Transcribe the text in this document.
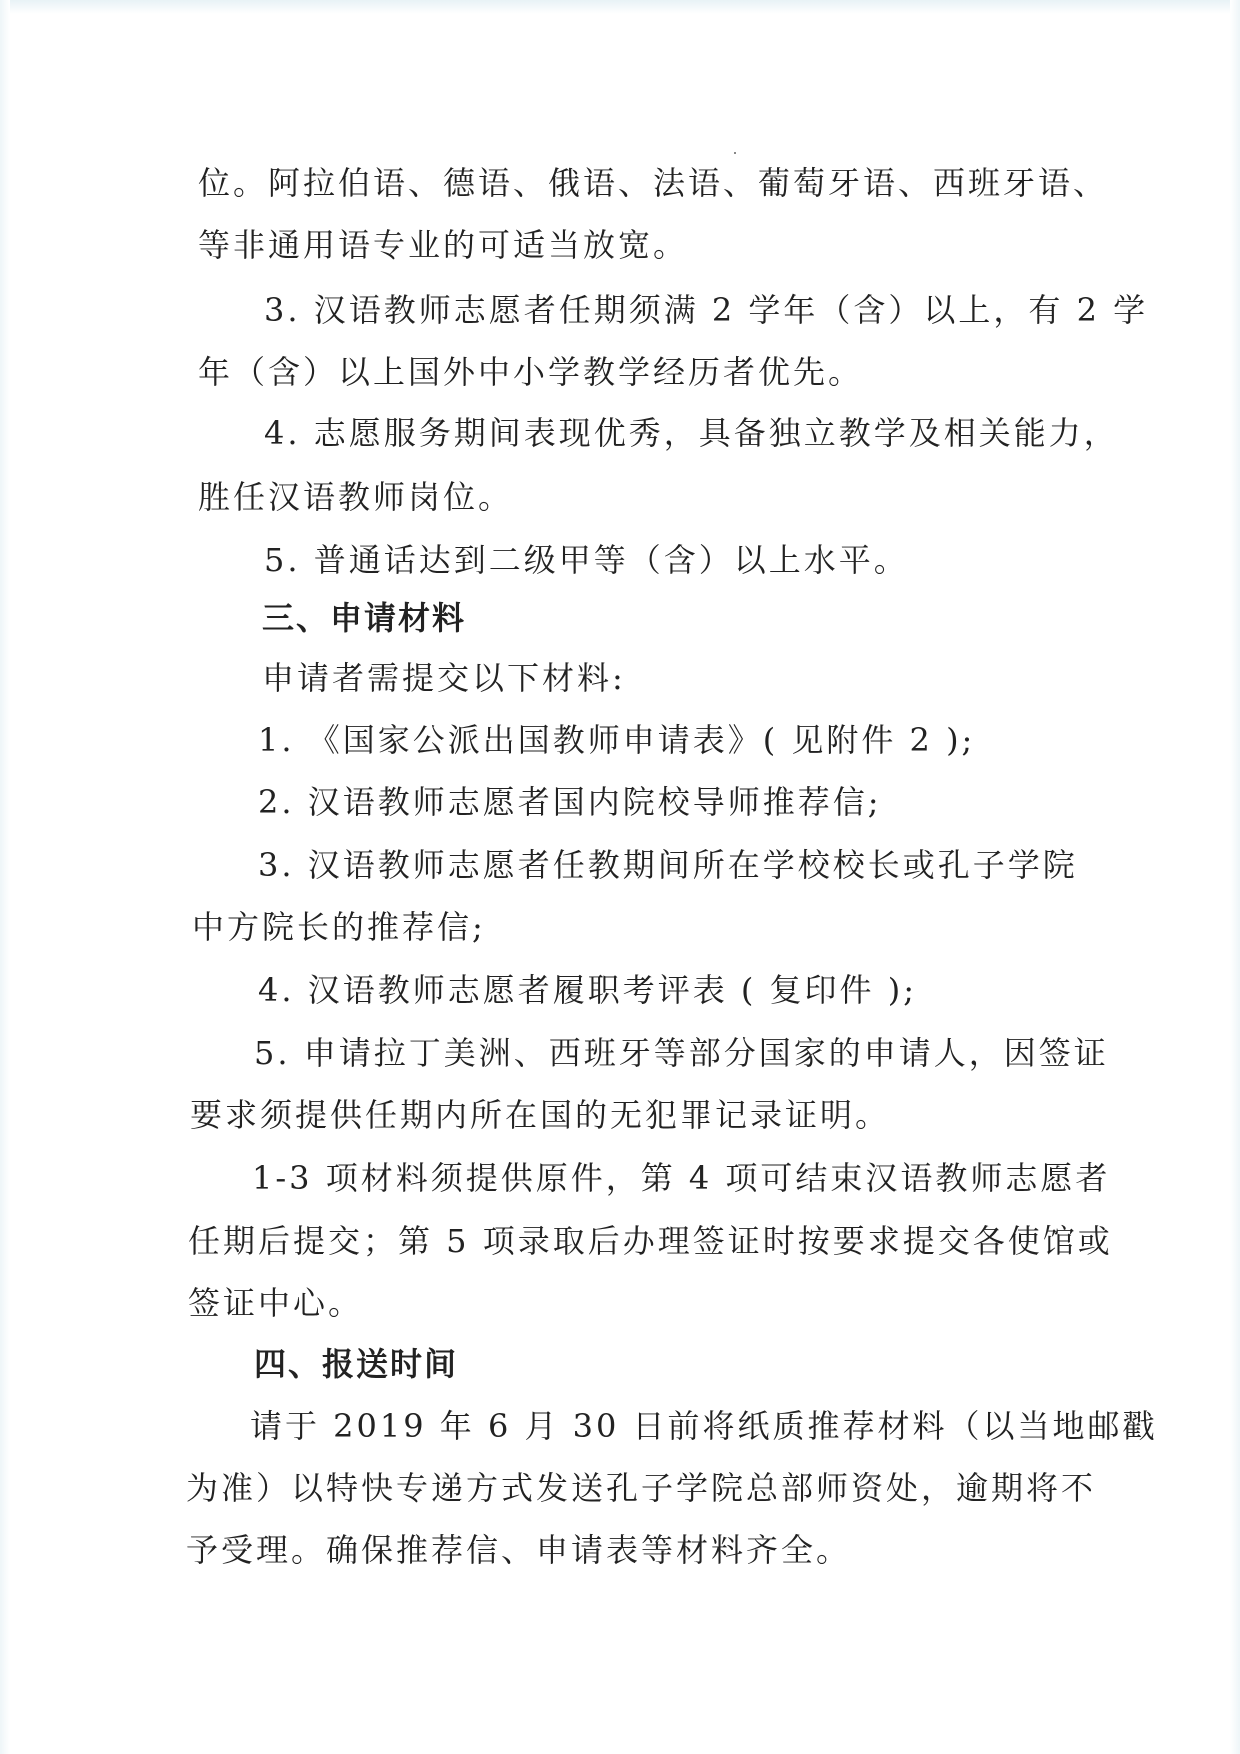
位。阿拉伯语、德语、俄语、法语、葡萄牙语、西班牙语、

等非通用语专业的可适当放宽。

3. 汉语教师志愿者任期须满 2 学年（含）以上，有 2 学

年（含）以上国外中小学教学经历者优先。

4. 志愿服务期间表现优秀，具备独立教学及相关能力，

胜任汉语教师岗位。

5. 普通话达到二级甲等（含）以上水平。

三、申请材料

申请者需提交以下材料:

1. 《国家公派出国教师申请表》( 见附件 2 );

2. 汉语教师志愿者国内院校导师推荐信;

3. 汉语教师志愿者任教期间所在学校校长或孔子学院

中方院长的推荐信;

4. 汉语教师志愿者履职考评表 ( 复印件 );

5. 申请拉丁美洲、西班牙等部分国家的申请人，因签证

要求须提供任期内所在国的无犯罪记录证明。

1-3 项材料须提供原件，第 4 项可结束汉语教师志愿者

任期后提交；第 5 项录取后办理签证时按要求提交各使馆或

签证中心。

四、报送时间

请于 2019 年 6 月 30 日前将纸质推荐材料（以当地邮戳

为准）以特快专递方式发送孔子学院总部师资处，逾期将不

予受理。确保推荐信、申请表等材料齐全。
